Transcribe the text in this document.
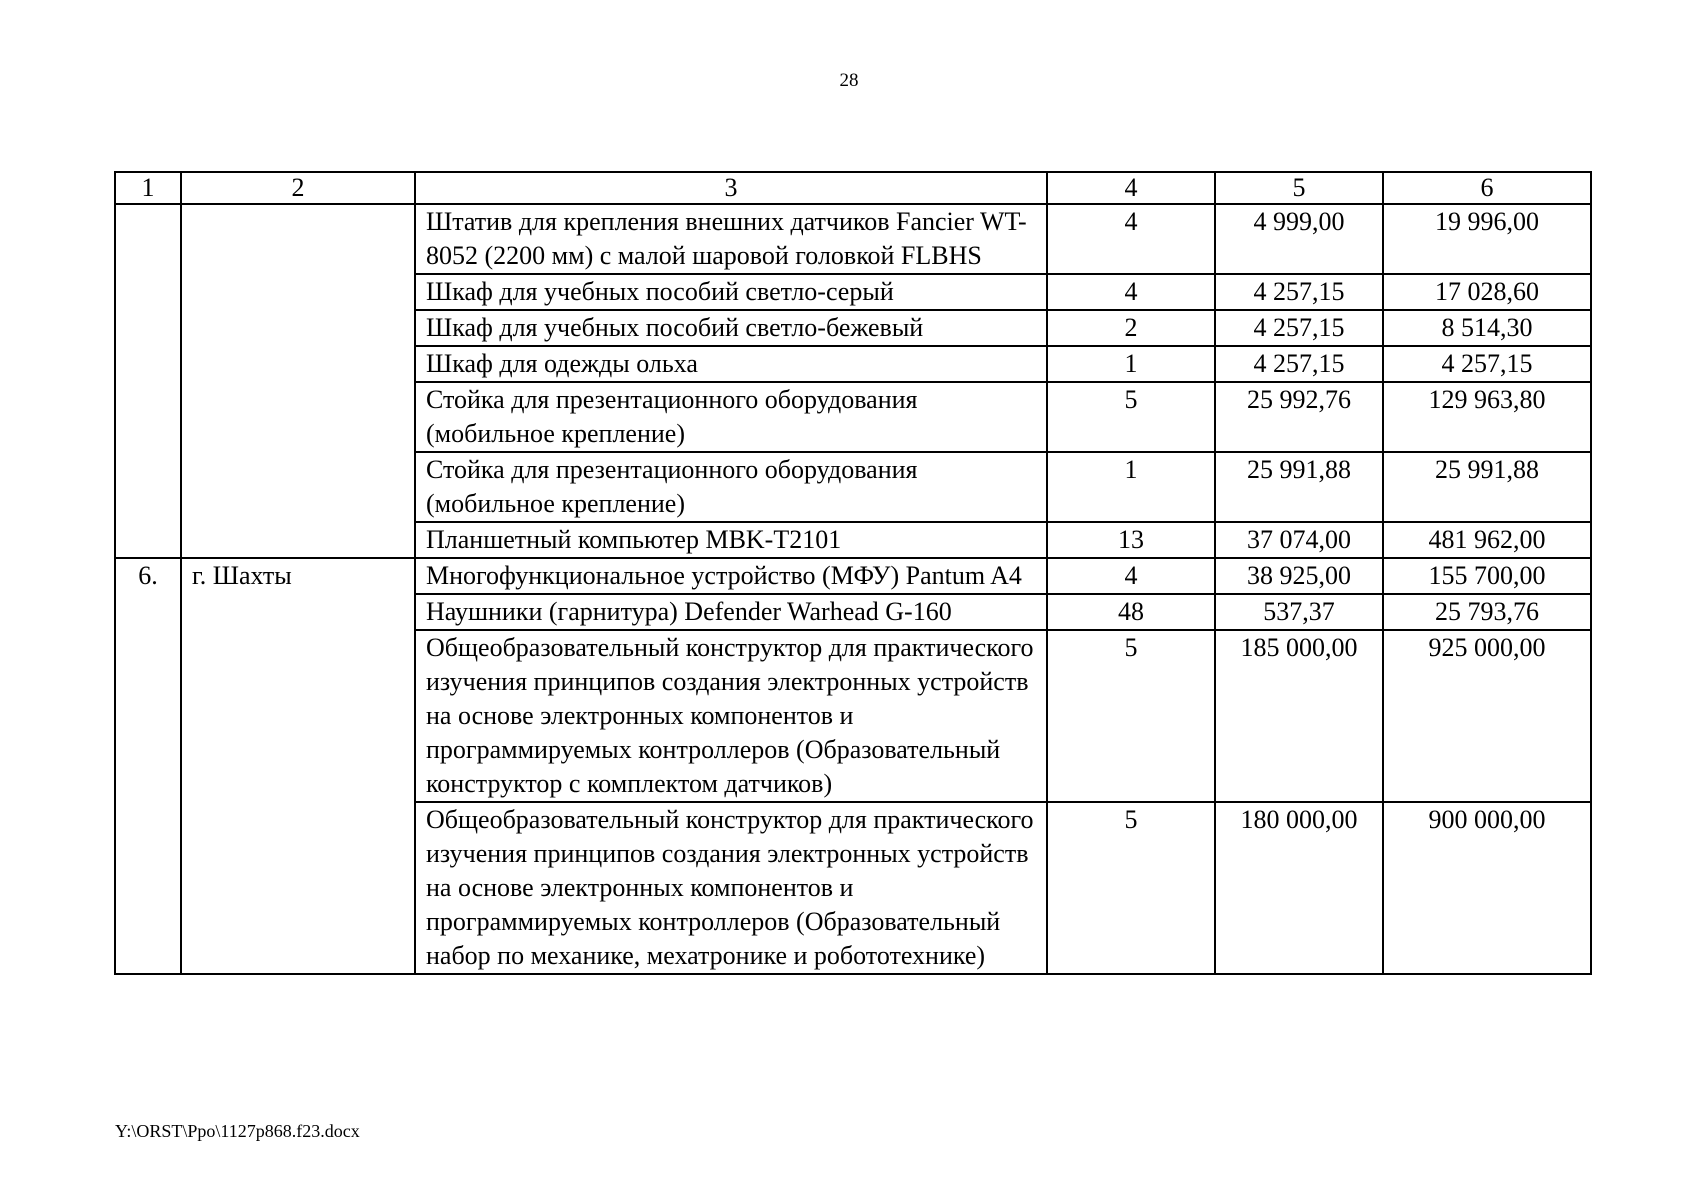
28
1	2	3	4	5	6
		Штатив для крепления внешних датчиков Fancier WT-8052 (2200 мм) с малой шаровой головкой FLBHS	4	4 999,00	19 996,00
		Шкаф для учебных пособий светло-серый	4	4 257,15	17 028,60
		Шкаф для учебных пособий светло-бежевый	2	4 257,15	8 514,30
		Шкаф для одежды ольха	1	4 257,15	4 257,15
		Стойка для презентационного оборудования (мобильное крепление)	5	25 992,76	129 963,80
		Стойка для презентационного оборудования (мобильное крепление)	1	25 991,88	25 991,88
		Планшетный компьютер MBK-T2101	13	37 074,00	481 962,00
6.	г. Шахты	Многофункциональное устройство (МФУ) Pantum A4	4	38 925,00	155 700,00
		Наушники (гарнитура) Defender Warhead G-160	48	537,37	25 793,76
		Общеобразовательный конструктор для практического изучения принципов создания электронных устройств на основе электронных компонентов и программируемых контроллеров (Образовательный конструктор с комплектом датчиков)	5	185 000,00	925 000,00
		Общеобразовательный конструктор для практического изучения принципов создания электронных устройств на основе электронных компонентов и программируемых контроллеров (Образовательный набор по механике, мехатронике и робототехнике)	5	180 000,00	900 000,00
Y:\ORST\Ppo\1127p868.f23.docx
